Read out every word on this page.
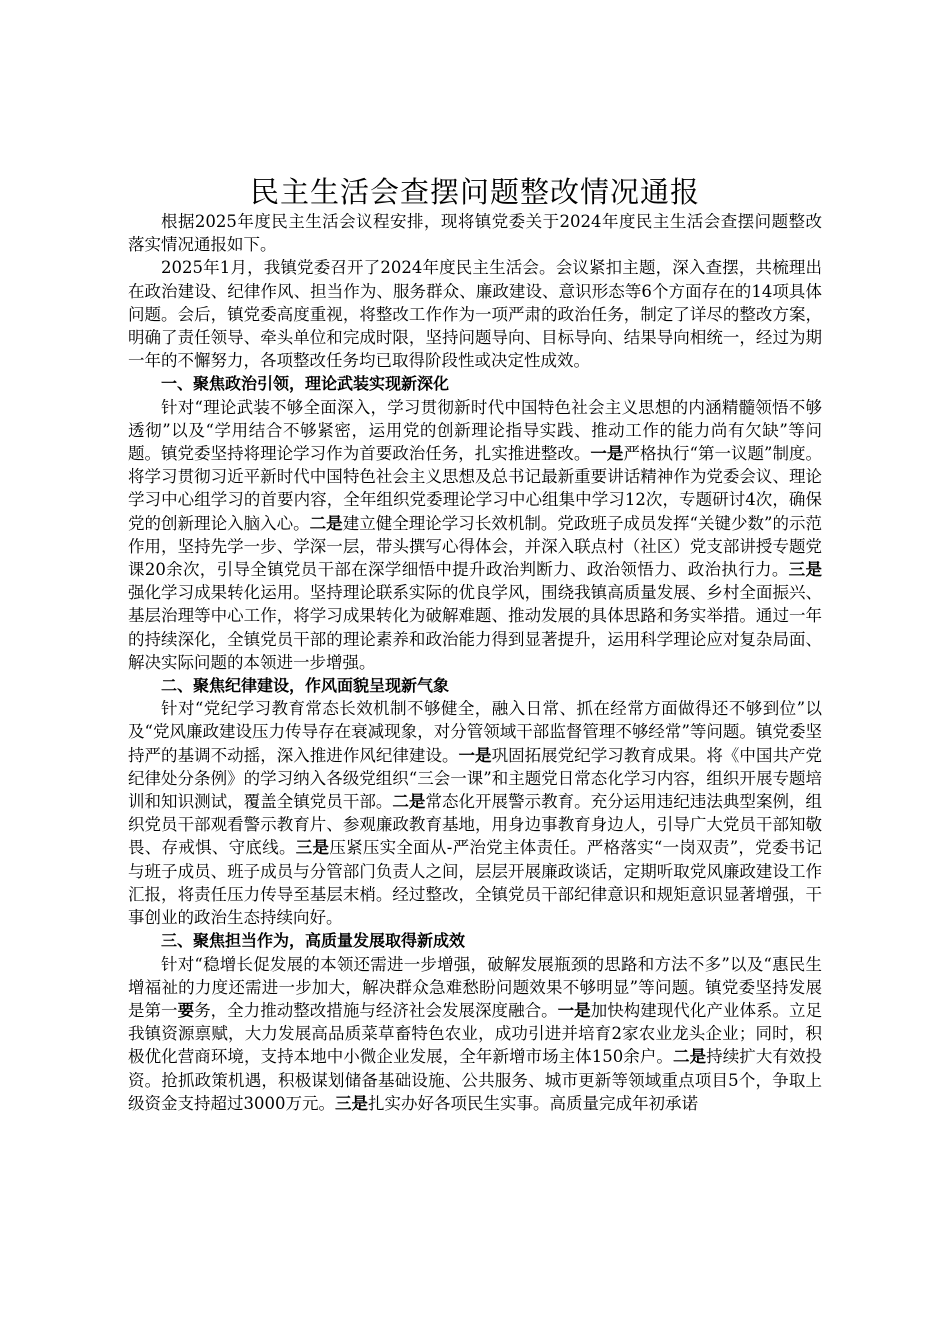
民主生活会查摆问题整改情况通报

根据2025年度民主生活会议程安排，现将镇党委关于2024年度民主生活会查摆问题整改落实情况通报如下。

2025年1月，我镇党委召开了2024年度民主生活会。会议紧扣主题，深入查摆，共梳理出在政治建设、纪律作风、担当作为、服务群众、廉政建设、意识形态等6个方面存在的14项具体问题。会后，镇党委高度重视，将整改工作作为一项严肃的政治任务，制定了详尽的整改方案，明确了责任领导、牵头单位和完成时限，坚持问题导向、目标导向、结果导向相统一，经过为期一年的不懈努力，各项整改任务均已取得阶段性或决定性成效。

一、聚焦政治引领，理论武装实现新深化

针对“理论武装不够全面深入，学习贯彻新时代中国特色社会主义思想的内涵精髓领悟不够透彻”以及“学用结合不够紧密，运用党的创新理论指导实践、推动工作的能力尚有欠缺”等问题。镇党委坚持将理论学习作为首要政治任务，扎实推进整改。一是严格执行“第一议题”制度。将学习贯彻习近平新时代中国特色社会主义思想及总书记最新重要讲话精神作为党委会议、理论学习中心组学习的首要内容，全年组织党委理论学习中心组集中学习12次，专题研讨4次，确保党的创新理论入脑入心。二是建立健全理论学习长效机制。党政班子成员发挥“关键少数”的示范作用，坚持先学一步、学深一层，带头撰写心得体会，并深入联点村（社区）党支部讲授专题党课20余次，引导全镇党员干部在深学细悟中提升政治判断力、政治领悟力、政治执行力。三是强化学习成果转化运用。坚持理论联系实际的优良学风，围绕我镇高质量发展、乡村全面振兴、基层治理等中心工作，将学习成果转化为破解难题、推动发展的具体思路和务实举措。通过一年的持续深化，全镇党员干部的理论素养和政治能力得到显著提升，运用科学理论应对复杂局面、解决实际问题的本领进一步增强。

二、聚焦纪律建设，作风面貌呈现新气象

针对“党纪学习教育常态长效机制不够健全，融入日常、抓在经常方面做得还不够到位”以及“党风廉政建设压力传导存在衰减现象，对分管领域干部监督管理不够经常”等问题。镇党委坚持严的基调不动摇，深入推进作风纪律建设。一是巩固拓展党纪学习教育成果。将《中国共产党纪律处分条例》的学习纳入各级党组织“三会一课”和主题党日常态化学习内容，组织开展专题培训和知识测试，覆盖全镇党员干部。二是常态化开展警示教育。充分运用违纪违法典型案例，组织党员干部观看警示教育片、参观廉政教育基地，用身边事教育身边人，引导广大党员干部知敬畏、存戒惧、守底线。三是压紧压实全面从-严治党主体责任。严格落实“一岗双责”，党委书记与班子成员、班子成员与分管部门负责人之间，层层开展廉政谈话，定期听取党风廉政建设工作汇报，将责任压力传导至基层末梢。经过整改，全镇党员干部纪律意识和规矩意识显著增强，干事创业的政治生态持续向好。

三、聚焦担当作为，高质量发展取得新成效

针对“稳增长促发展的本领还需进一步增强，破解发展瓶颈的思路和方法不多”以及“惠民生增福祉的力度还需进一步加大，解决群众急难愁盼问题效果不够明显”等问题。镇党委坚持发展是第一要务，全力推动整改措施与经济社会发展深度融合。一是加快构建现代化产业体系。立足我镇资源禀赋，大力发展高品质菜草畜特色农业，成功引进并培育2家农业龙头企业；同时，积极优化营商环境，支持本地中小微企业发展，全年新增市场主体150余户。二是持续扩大有效投资。抢抓政策机遇，积极谋划储备基础设施、公共服务、城市更新等领域重点项目5个，争取上级资金支持超过3000万元。三是扎实办好各项民生实事。高质量完成年初承诺
